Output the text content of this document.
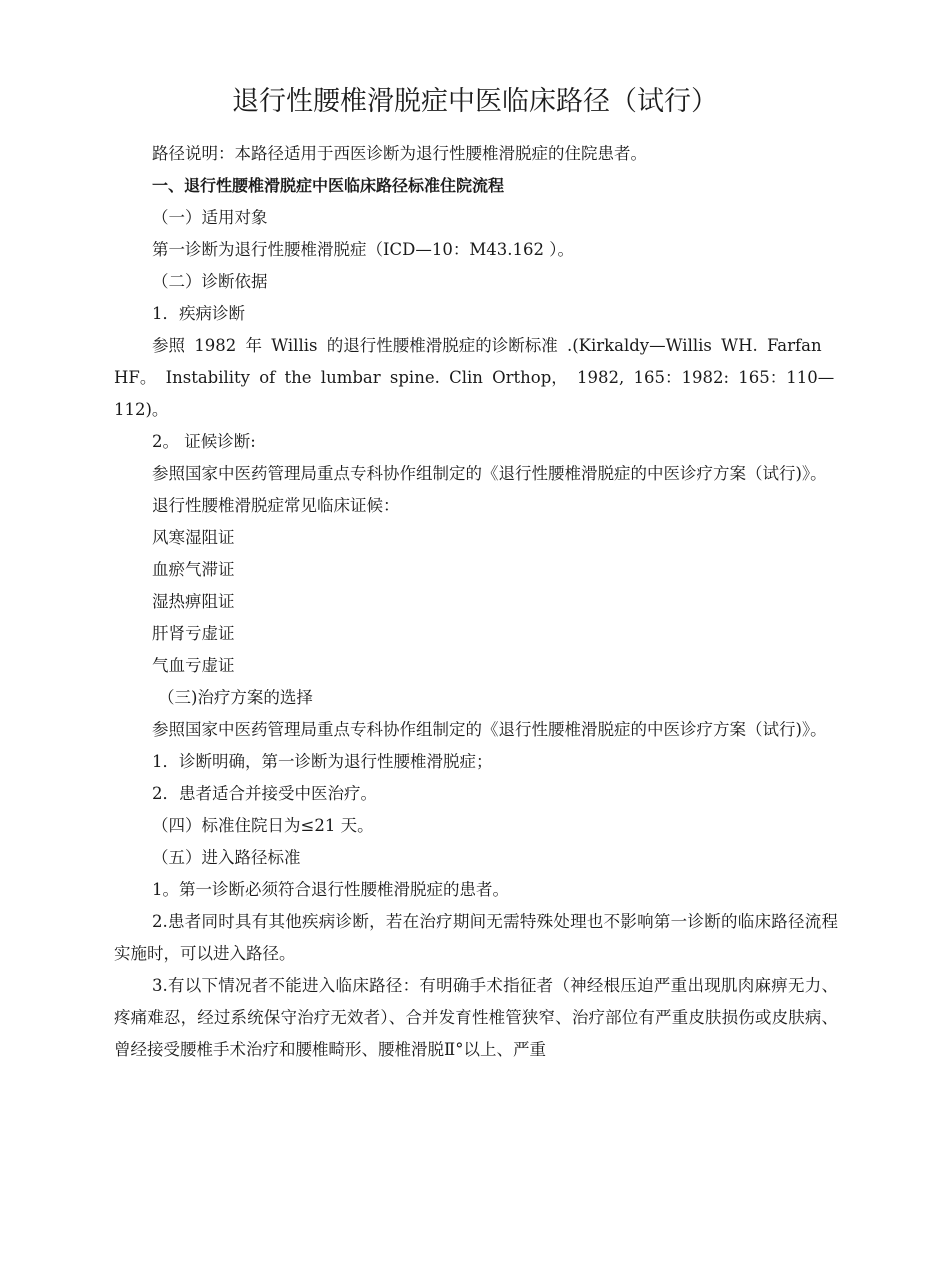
退行性腰椎滑脱症中医临床路径（试行）

路径说明：本路径适用于西医诊断为退行性腰椎滑脱症的住院患者。

一、退行性腰椎滑脱症中医临床路径标准住院流程

（一）适用对象

第一诊断为退行性腰椎滑脱症（ICD—10：M43.162 ）。

（二）诊断依据

1．疾病诊断

参照 1982 年 Willis 的退行性腰椎滑脱症的诊断标准 .(Kirkaldy—Willis WH. Farfan HF。 Instability of the lumbar spine. Clin Orthop， 1982, 165：1982: 165：110—112)。

2。 证候诊断:

参照国家中医药管理局重点专科协作组制定的《退行性腰椎滑脱症的中医诊疗方案（试行)》。

退行性腰椎滑脱症常见临床证候：

风寒湿阻证

血瘀气滞证

湿热痹阻证

肝肾亏虚证

气血亏虚证

（三)治疗方案的选择

参照国家中医药管理局重点专科协作组制定的《退行性腰椎滑脱症的中医诊疗方案（试行)》。

1．诊断明确，第一诊断为退行性腰椎滑脱症；

2．患者适合并接受中医治疗。

（四）标准住院日为≤21 天。

（五）进入路径标准

1。第一诊断必须符合退行性腰椎滑脱症的患者。

2.患者同时具有其他疾病诊断，若在治疗期间无需特殊处理也不影响第一诊断的临床路径流程实施时，可以进入路径。

3.有以下情况者不能进入临床路径：有明确手术指征者（神经根压迫严重出现肌肉麻痹无力、疼痛难忍，经过系统保守治疗无效者）、合并发育性椎管狭窄、治疗部位有严重皮肤损伤或皮肤病、曾经接受腰椎手术治疗和腰椎畸形、腰椎滑脱Ⅱ°以上、严重
